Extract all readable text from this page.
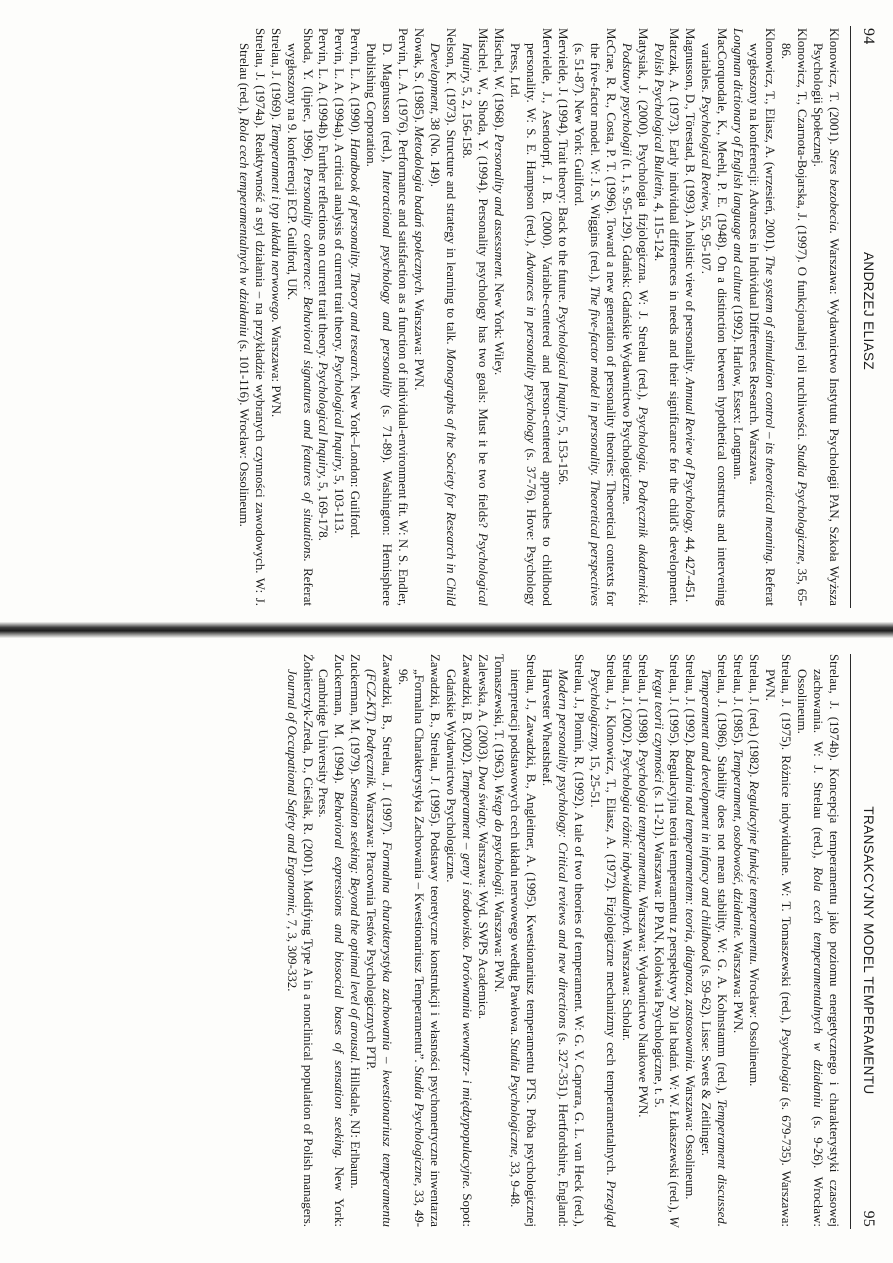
94
ANDRZEJ ELIASZ
Klonowicz, T. (2001). Stres bezobecia. Warszawa: Wydawnictwo Instytutu Psychologii PAN, Szkoła Wyższa Psychologii Społecznej.
Klonowicz, T., Czarnota-Bojarska, J. (1997). O funkcjonalnej roli ruchliwości. Studia Psychologiczne, 35, 65-86.
Klonowicz, T., Eliasz, A. (wrzesień, 2001). The system of stimulation control – its theoretical meaning. Referat wygłoszony na konferencji: Advances in Individual Differences Research. Warszawa.
Longman dictionary of English language and culture (1992). Harlow, Essex: Longman.
MacCorquodale, K., Meehl, P. E. (1948). On a distinction between hypothetical constructs and intervening variables. Psychological Review, 55, 95-107.
Magnusson, D., Törestad, B. (1993). A holistic view of personality. Annual Review of Psychology, 44, 427-451.
Matczak, A. (1973). Early individual differences in needs and their significance for the child's development. Polish Psychological Bulletin, 4, 115-124.
Matysiak, J. (2000). Psychologia fizjologiczna. W: J. Strelau (red.), Psychologia. Podręcznik akademicki. Podstawy psychologii (t. 1, s. 95-129). Gdańsk: Gdańskie Wydawnictwo Psychologiczne.
McCrae, R. R., Costa, P. T. (1996). Toward a new generation of personality theories: Theoretical contexts for the five-factor model. W: J. S. Wiggins (red.), The five-factor model in personality. Theoretical perspectives (s. 51-87). New York: Guilford.
Mervielde, J. (1994). Trait theory: Back to the future. Psychological Inquiry, 5, 153-156.
Mervielde, J., Asendorpf, J. B. (2000). Variable-centered and person-centered approaches to childhood personality. W: S. E. Hampson (red.), Advances in personality psychology (s. 37-76). Hove: Psychology Press, Ltd.
Mischel, W. (1968). Personality and assessment. New York: Wiley.
Mischel, W., Shoda, Y. (1994). Personality psychology has two goals: Must it be two fields? Psychological Inquiry, 5, 2, 156-158.
Nelson, K. (1973). Structure and strategy in learning to talk. Monographs of the Society for Research in Child Development, 38 (No. 149).
Nowak, S. (1985). Metodologia badań społecznych. Warszawa: PWN.
Pervin, L. A. (1976). Performance and satisfaction as a function of individual-environment fit. W: N. S. Endler, D. Magnusson (red.), Interactional psychology and personality (s. 71-89). Washington: Hemisphere Publishing Corporation.
Pervin, L. A. (1990). Handbook of personality. Theory and research. New York–London: Guilford.
Pervin, L. A. (1994a). A critical analysis of current trait theory. Psychological Inquiry, 5, 103-113.
Pervin, L. A. (1994b). Further reflections on current trait theory. Psychological Inquiry, 5, 169-178.
Shoda, Y. (lipiec, 1996). Personality coherence: Behavioral signatures and features of situations. Referat wygłoszony na 9. konferencji ECP. Guilford, UK.
Strelau, J. (1969). Temperament i typ układu nerwowego. Warszawa: PWN.
Strelau, J. (1974a). Reaktywność a styl działania – na przykładzie wybranych czynności zawodowych. W: J. Strelau (red.), Rola cech temperamentalnych w działaniu (s. 101-116). Wrocław: Ossolineum.
TRANSAKCYJNY MODEL TEMPERAMENTU
95
Strelau, J. (1974b). Koncepcja temperamentu jako poziomu energetycznego i charakterystyki czasowej zachowania. W: J. Strelau (red.), Rola cech temperamentalnych w działaniu (s. 9-26). Wrocław: Ossolineum.
Strelau, J. (1975). Różnice indywidualne. W: T. Tomaszewski (red.), Psychologia (s. 679-735). Warszawa: PWN.
Strelau, J. (red.) (1982). Regulacyjne funkcje temperamentu. Wrocław: Ossolineum.
Strelau, J. (1985). Temperament, osobowość, działanie. Warszawa: PWN.
Strelau, J. (1986). Stability does not mean stability. W: G. A. Kohnstamm (red.), Temperament discussed. Temperament and development in infancy and childhood (s. 59-62). Lisse: Swets & Zeitlinger.
Strelau, J. (1992). Badania nad temperamentem: teoria, diagnoza, zastosowania. Warszawa: Ossolineum.
Strelau, J. (1995). Regulacyjna teoria temperamentu z perspektywy 20 lat badań. W: W. Łukaszewski (red.), W kręgu teorii czynności (s. 11-21). Warszawa: IP PAN, Kolokwia Psychologiczne, t. 5.
Strelau, J. (1998). Psychologia temperamentu. Warszawa: Wydawnictwo Naukowe PWN.
Strelau, J. (2002). Psychologia różnic indywidualnych. Warszawa: Scholar.
Strelau, J., Klonowicz, T., Eliasz, A. (1972). Fizjologiczne mechanizmy cech temperamentalnych. Przegląd Psychologiczny, 15, 25-51.
Strelau, J., Plomin, R. (1992). A tale of two theories of temperament. W: G. V. Caprara, G. L. van Heck (red.), Modern personality psychology: Critical reviews and new directions (s. 327-351). Hertfordshire, England: Harvester Wheatsheaf.
Strelau, J., Zawadzki, B., Angleitner, A. (1995). Kwestionariusz temperamentu PTS. Próba psychologicznej interpretacji podstawowych cech układu nerwowego według Pawłowa. Studia Psychologiczne, 33, 9-48.
Tomaszewski, T. (1963). Wstęp do psychologii. Warszawa: PWN.
Zalewska, A. (2003). Dwa światy. Warszawa: Wyd. SWPS Academica.
Zawadzki, B. (2002). Temperament – geny i środowisko. Porównania wewnątrz- i międzypopulacyjne. Sopot: Gdańskie Wydawnictwo Psychologiczne.
Zawadzki, B., Strelau, J. (1995). Podstawy teoretyczne konstrukcji i własności psychometryczne inwentarza „Formalna Charakterystyka Zachowania – Kwestionariusz Temperamentu”. Studia Psychologiczne, 33, 49-96.
Zawadzki, B., Strelau, J. (1997). Formalna charakterystyka zachowania – kwestionariusz temperamentu (FCZ-KT). Podręcznik. Warszawa: Pracownia Testów Psychologicznych PTP.
Zuckerman, M. (1979). Sensation seeking: Beyond the optimal level of arousal. Hillsdale, NJ: Erlbaum.
Zuckerman, M. (1994). Behavioral expressions and biosocial bases of sensation seeking. New York: Cambridge University Press.
Żołnierczyk-Zreda, D., Cieślak, R. (2001). Modifying Type A in a nonclinical population of Polish managers. Journal of Occupational Safety and Ergonomic, 7, 3, 309-332.
